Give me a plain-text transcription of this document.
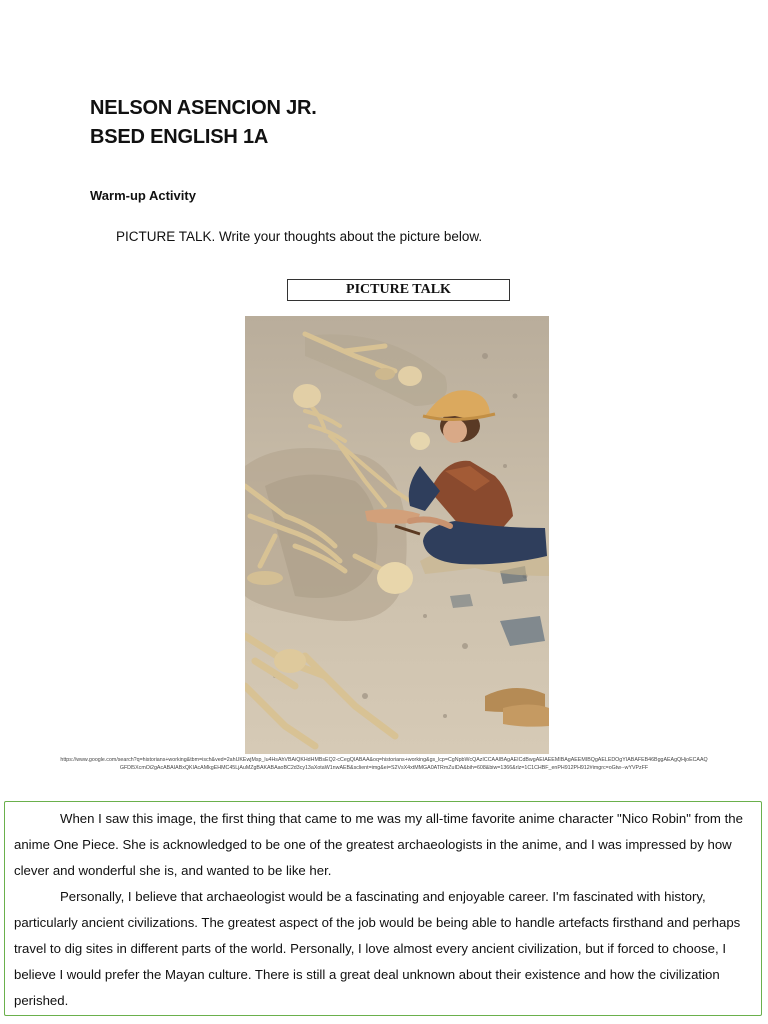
NELSON ASENCION JR.
BSED ENGLISH 1A
Warm-up Activity
PICTURE TALK. Write your thoughts about the picture below.
PICTURE TALK
https://www.google.com/search?q=historians+working&tbm=isch&ved=2ahUKEwjMsp_lu4HsAhVBAiQKHdHMBsEQ2-cCegQIABAA&oq=historians+working&gs_lcp=CgNpbWcQAzICCAAIBAgAEICdBwgAEIAEEMIBAgAEEMIBQgAELEDOgYIABAFEB46BggAEAgQHjoECAAQGFDl5XcmOi2gAcABAIABxQKIAcAMkgEHMC45LjAuMZgBAKABAaoBC2d3cy13aXotaW1nwAEB&sclient=img&ei=S2VsX4xtMMGA0ATRmZuIDA&bih=608&biw=1366&rlz=1C1CHBF_enPH912PH912#imgrc=oGtw--wYVPzFF

When I saw this image, the first thing that came to me was my all-time favorite anime character "Nico Robin" from the anime One Piece. She is acknowledged to be one of the greatest archaeologists in the anime, and I was impressed by how clever and wonderful she is, and wanted to be like her.

Personally, I believe that archaeologist would be a fascinating and enjoyable career. I'm fascinated with history, particularly ancient civilizations. The greatest aspect of the job would be being able to handle artefacts firsthand and perhaps travel to dig sites in different parts of the world. Personally, I love almost every ancient civilization, but if forced to choose, I believe I would prefer the Mayan culture. There is still a great deal unknown about their existence and how the civilization perished.
